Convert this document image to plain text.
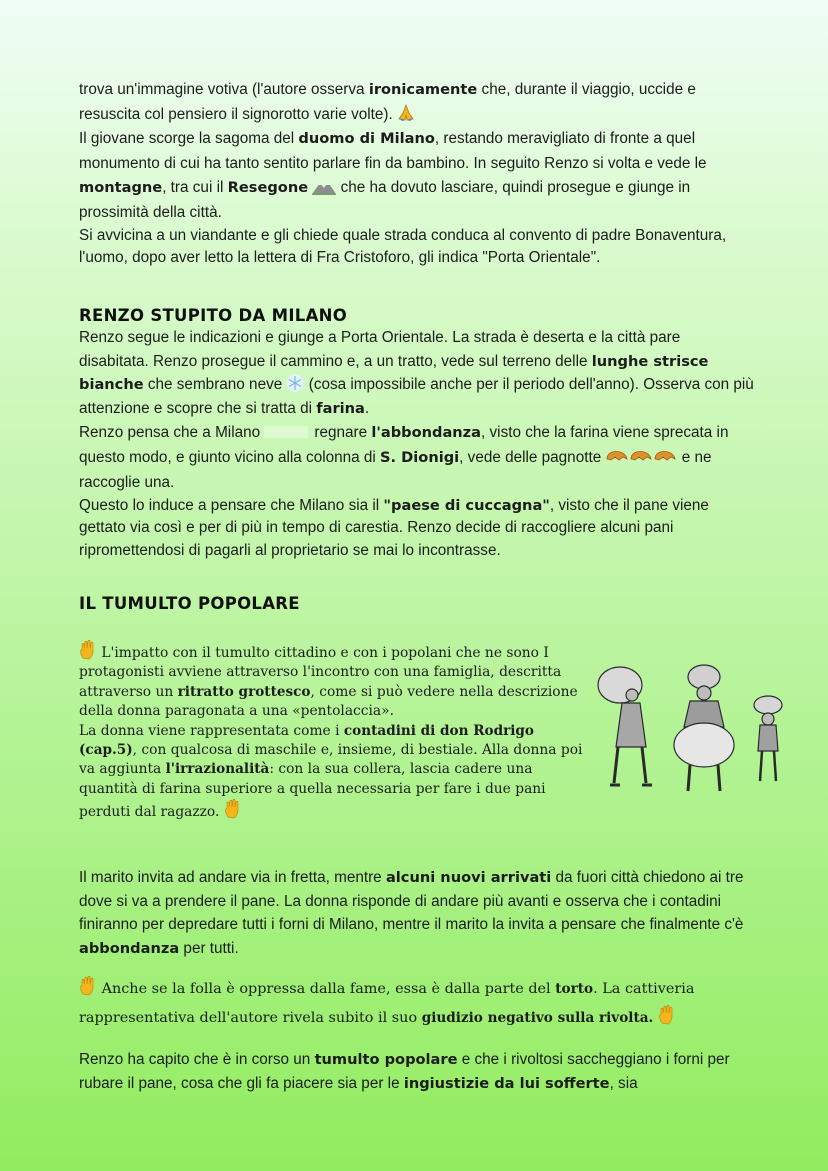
trova un'immagine votiva (l'autore osserva ironicamente che, durante il viaggio, uccide e resuscita col pensiero il signorotto varie volte).

Il giovane scorge la sagoma del duomo di Milano, restando meravigliato di fronte a quel monumento di cui ha tanto sentito parlare fin da bambino. In seguito Renzo si volta e vede le montagne, tra cui il Resegone  che ha dovuto lasciare, quindi prosegue e giunge in prossimità della città.

Si avvicina a un viandante e gli chiede quale strada conduca al convento di padre Bonaventura, l'uomo, dopo aver letto la lettera di Fra Cristoforo, gli indica "Porta Orientale".

RENZO STUPITO DA MILANO

Renzo segue le indicazioni e giunge a Porta Orientale. La strada è deserta e la città pare disabitata. Renzo prosegue il cammino e, a un tratto, vede sul terreno delle lunghe strisce bianche che sembrano neve  (cosa impossibile anche per il periodo dell'anno). Osserva con più attenzione e scopre che si tratta di farina.

Renzo pensa che a Milano	regnare l'abbondanza, visto che la farina viene sprecata in questo modo, e giunto vicino alla colonna di S. Dionigi, vede delle pagnotte	e ne raccoglie una.

Questo lo induce a pensare che Milano sia il "paese di cuccagna", visto che il pane viene gettato via così e per di più in tempo di carestia. Renzo decide di raccogliere alcuni pani ripromettendosi di pagarli al proprietario se mai lo incontrasse.

IL TUMULTO POPOLARE

L'impatto con il tumulto cittadino e con i popolani che ne sono I protagonisti avviene attraverso l'incontro con una famiglia, descritta attraverso un ritratto grottesco, come si può vedere nella descrizione della donna paragonata a una «pentolaccia».

La donna viene rappresentata come i contadini di don Rodrigo (cap.5), con qualcosa di maschile e, insieme, di bestiale. Alla donna poi va aggiunta l'irrazionalità: con la sua collera, lascia cadere una quantità di farina superiore a quella necessaria per fare i due pani perduti dal ragazzo.

Il marito invita ad andare via in fretta, mentre alcuni nuovi arrivati da fuori città chiedono ai tre dove si va a prendere il pane. La donna risponde di andare più avanti e osserva che i contadini finiranno per depredare tutti i forni di Milano, mentre il marito la invita a pensare che finalmente c'è abbondanza per tutti.

Anche se la folla è oppressa dalla fame, essa è dalla parte del torto. La cattiveria rappresentativa dell'autore rivela subito il suo giudizio negativo sulla rivolta.

Renzo ha capito che è in corso un tumulto popolare e che i rivoltosi saccheggiano i forni per rubare il pane, cosa che gli fa piacere sia per le ingiustizie da lui sofferte, sia
